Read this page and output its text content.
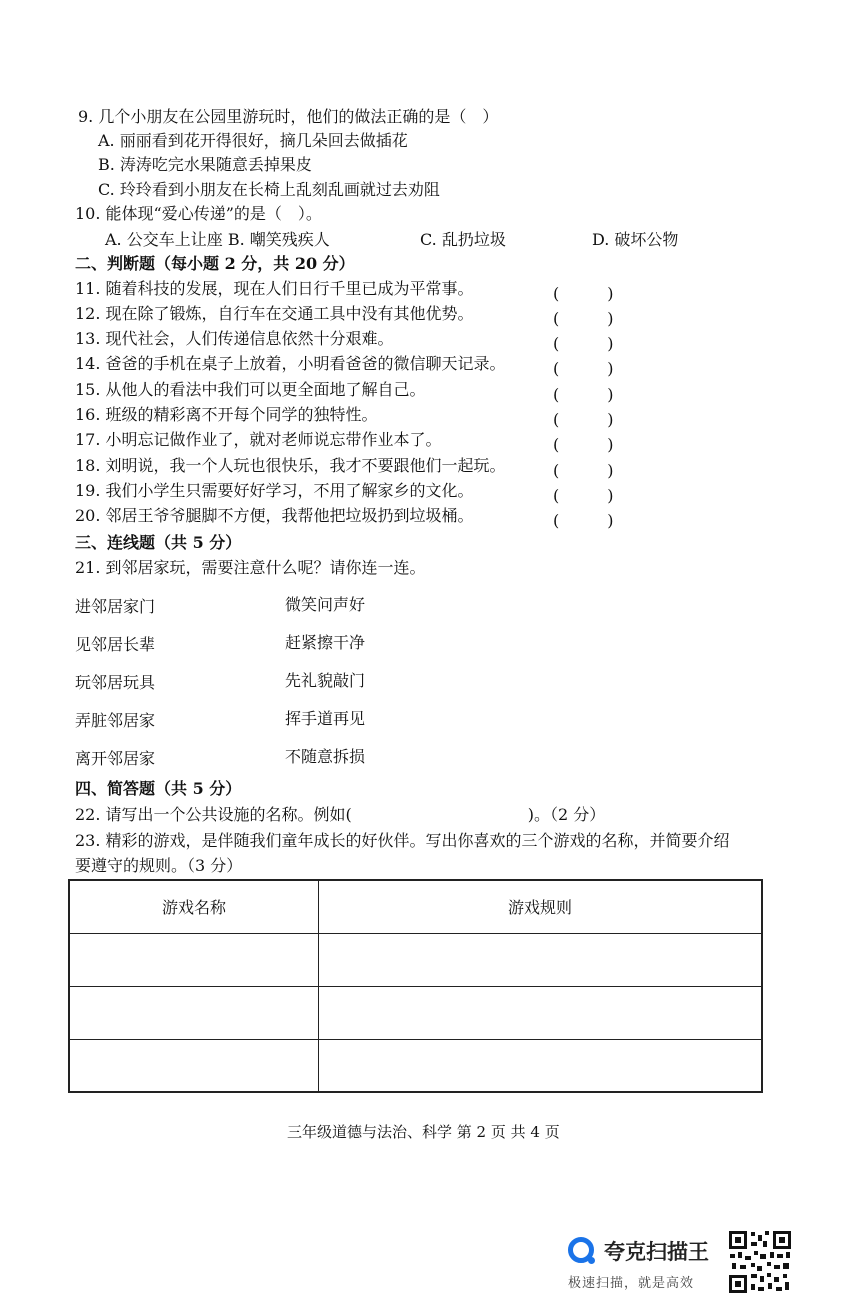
9. 几个小朋友在公园里游玩时，他们的做法正确的是（　）
A. 丽丽看到花开得很好，摘几朵回去做插花
B. 涛涛吃完水果随意丢掉果皮
C. 玲玲看到小朋友在长椅上乱刻乱画就过去劝阻
10. 能体现“爱心传递”的是（　）。
A. 公交车上让座 B. 嘲笑残疾人	C. 乱扔垃圾	D. 破坏公物
二、判断题（每小题 2 分，共 20 分）
11. 随着科技的发展，现在人们日行千里已成为平常事。	(　　　)
12. 现在除了锻炼，自行车在交通工具中没有其他优势。	(　　　)
13. 现代社会，人们传递信息依然十分艰难。	(　　　)
14. 爸爸的手机在桌子上放着，小明看爸爸的微信聊天记录。	(　　　)
15. 从他人的看法中我们可以更全面地了解自己。	(　　　)
16. 班级的精彩离不开每个同学的独特性。	(　　　)
17. 小明忘记做作业了，就对老师说忘带作业本了。	(　　　)
18. 刘明说，我一个人玩也很快乐，我才不要跟他们一起玩。	(　　　)
19. 我们小学生只需要好好学习，不用了解家乡的文化。	(　　　)
20. 邻居王爷爷腿脚不方便，我帮他把垃圾扔到垃圾桶。	(　　　)
三、连线题（共 5 分）
21. 到邻居家玩，需要注意什么呢？请你连一连。
进邻居家门	微笑问声好
见邻居长辈	赶紧擦干净
玩邻居玩具	先礼貌敲门
弄脏邻居家	挥手道再见
离开邻居家	不随意拆损
四、简答题（共 5 分）
22. 请写出一个公共设施的名称。例如(　　　　　　　　　　　)。（2 分）
23. 精彩的游戏，是伴随我们童年成长的好伙伴。写出你喜欢的三个游戏的名称，并简要介绍
要遵守的规则。（3 分）
游戏名称	游戏规则

三年级道德与法治、科学 第 2 页 共 4 页
夸克扫描王
极速扫描，就是高效
